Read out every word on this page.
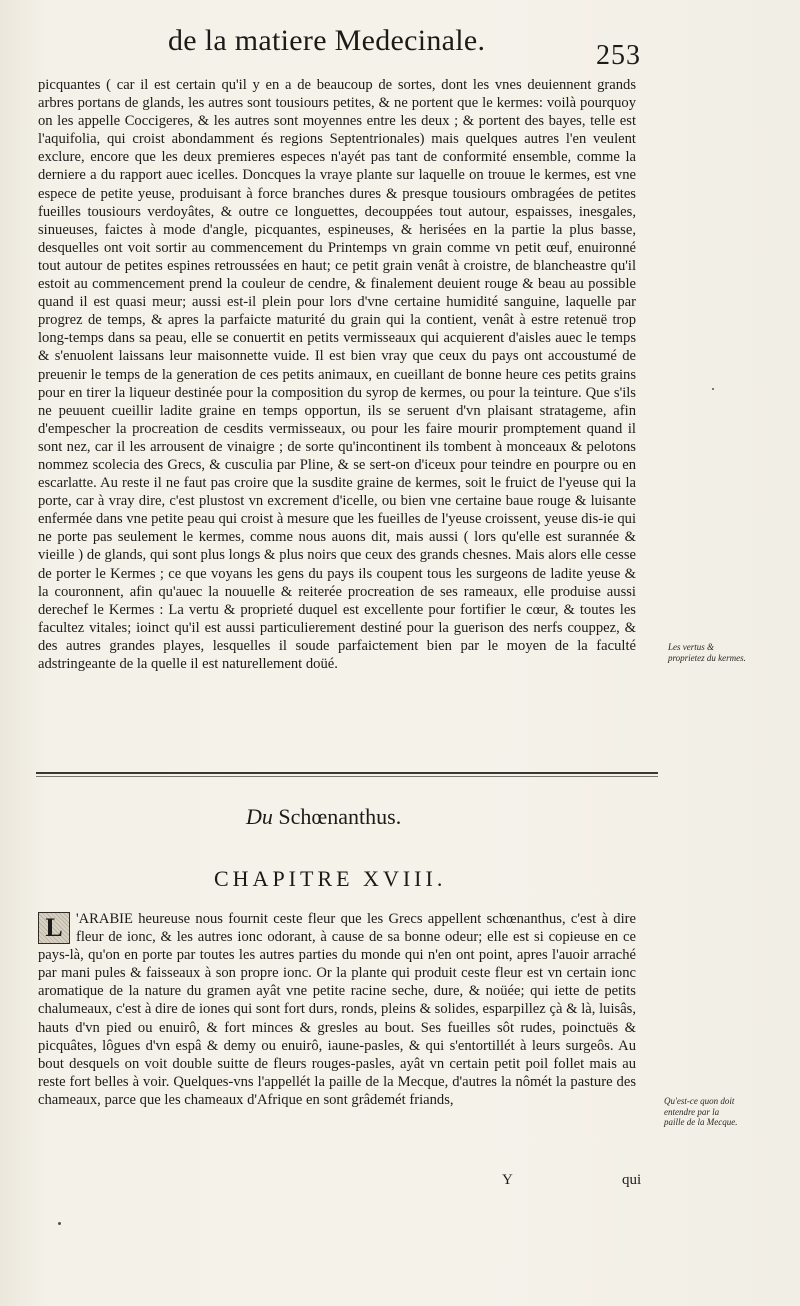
de la matiere Medecinale.	253

picquantes ( car il est certain qu'il y en a de beaucoup de sortes, dont les vnes deuiennent grands arbres portans de glands, les autres sont tousiours petites, & ne portent que le kermes: voilà pourquoy on les appelle Coccigeres, & les autres sont moyennes entre les deux ; & portent des bayes, telle est l'aquifolia, qui croist abondamment és regions Septentrionales) mais quelques autres l'en veulent exclure, encore que les deux premieres especes n'ayét pas tant de conformité ensemble, comme la derniere a du rapport auec icelles. Doncques la vraye plante sur laquelle on trouue le kermes, est vne espece de petite yeuse, produisant à force branches dures & presque tousiours ombragées de petites fueilles tousiours verdoyâtes, & outre ce longuettes, decouppées tout autour, espaisses, inesgales, sinueuses, faictes à mode d'angle, picquantes, espineuses, & herisées en la partie la plus basse, desquelles ont voit sortir au commencement du Printemps vn grain comme vn petit œuf, enuironné tout autour de petites espines retroussées en haut; ce petit grain venât à croistre, de blancheastre qu'il estoit au commencement prend la couleur de cendre, & finalement deuient rouge & beau au possible quand il est quasi meur; aussi est-il plein pour lors d'vne certaine humidité sanguine, laquelle par progrez de temps, & apres la parfaicte maturité du grain qui la contient, venât à estre retenuë trop long-temps dans sa peau, elle se conuertit en petits vermisseaux qui acquierent d'aisles auec le temps & s'enuolent laissans leur maisonnette vuide. Il est bien vray que ceux du pays ont accoustumé de preuenir le temps de la generation de ces petits animaux, en cueillant de bonne heure ces petits grains pour en tirer la liqueur destinée pour la composition du syrop de kermes, ou pour la teinture. Que s'ils ne peuuent cueillir ladite graine en temps opportun, ils se seruent d'vn plaisant stratageme, afin d'empescher la procreation de cesdits vermisseaux, ou pour les faire mourir promptement quand il sont nez, car il les arrousent de vinaigre ; de sorte qu'incontinent ils tombent à monceaux & pelotons nommez scolecia des Grecs, & cusculia par Pline, & se sert-on d'iceux pour teindre en pourpre ou en escarlatte. Au reste il ne faut pas croire que la susdite graine de kermes, soit le fruict de l'yeuse qui la porte, car à vray dire, c'est plustost vn excrement d'icelle, ou bien vne certaine baue rouge & luisante enfermée dans vne petite peau qui croist à mesure que les fueilles de l'yeuse croissent, yeuse dis-ie qui ne porte pas seulement le kermes, comme nous auons dit, mais aussi ( lors qu'elle est surannée & vieille ) de glands, qui sont plus longs & plus noirs que ceux des grands chesnes. Mais alors elle cesse de porter le Kermes ; ce que voyans les gens du pays ils coupent tous les surgeons de ladite yeuse & la couronnent, afin qu'auec la nouuelle & reiterée procreation de ses rameaux, elle produise aussi derechef le Kermes : La vertu & proprieté duquel est excellente pour fortifier le cœur, & toutes les facultez vitales; ioinct qu'il est aussi particulierement destiné pour la guerison des nerfs couppez, & des autres grandes playes, lesquelles il soude parfaictement bien par le moyen de la faculté adstringeante de la quelle il est naturellement doüé.

Les vertus & proprietez du kermes.
Du Schœnanthus.
CHAPITRE XVIII.
L 'ARABIE heureuse nous fournit ceste fleur que les Grecs appellent schœnanthus, c'est à dire fleur de ionc, & les autres ionc odorant, à cause de sa bonne odeur; elle est si copieuse en ce pays-là, qu'on en porte par toutes les autres parties du monde qui n'en ont point, apres l'auoir arraché par mani pules & faisseaux à son propre ionc. Or la plante qui produit ceste fleur est vn certain ionc aromatique de la nature du gramen ayât vne petite racine seche, dure, & noüée; qui iette de petits chalumeaux, c'est à dire de iones qui sont fort durs, ronds, pleins & solides, esparpillez çà & là, luisâs, hauts d'vn pied ou enuirô, & fort minces & gresles au bout. Ses fueilles sôt rudes, poinctuës & picquâtes, lôgues d'vn espâ & demy ou enuirô, iaune-pasles, & qui s'entortillét à leurs surgeôs. Au bout desquels on voit double suitte de fleurs rouges-pasles, ayât vn certain petit poil follet mais au reste fort belles à voir. Quelques-vns l'appellét la paille de la Mecque, d'autres la nômét la pasture des chameaux, parce que les chameaux d'Afrique en sont grâdemét friands,	Qu'est-ce quon doit entendre par la paille de la Mecque.
Y	qui
